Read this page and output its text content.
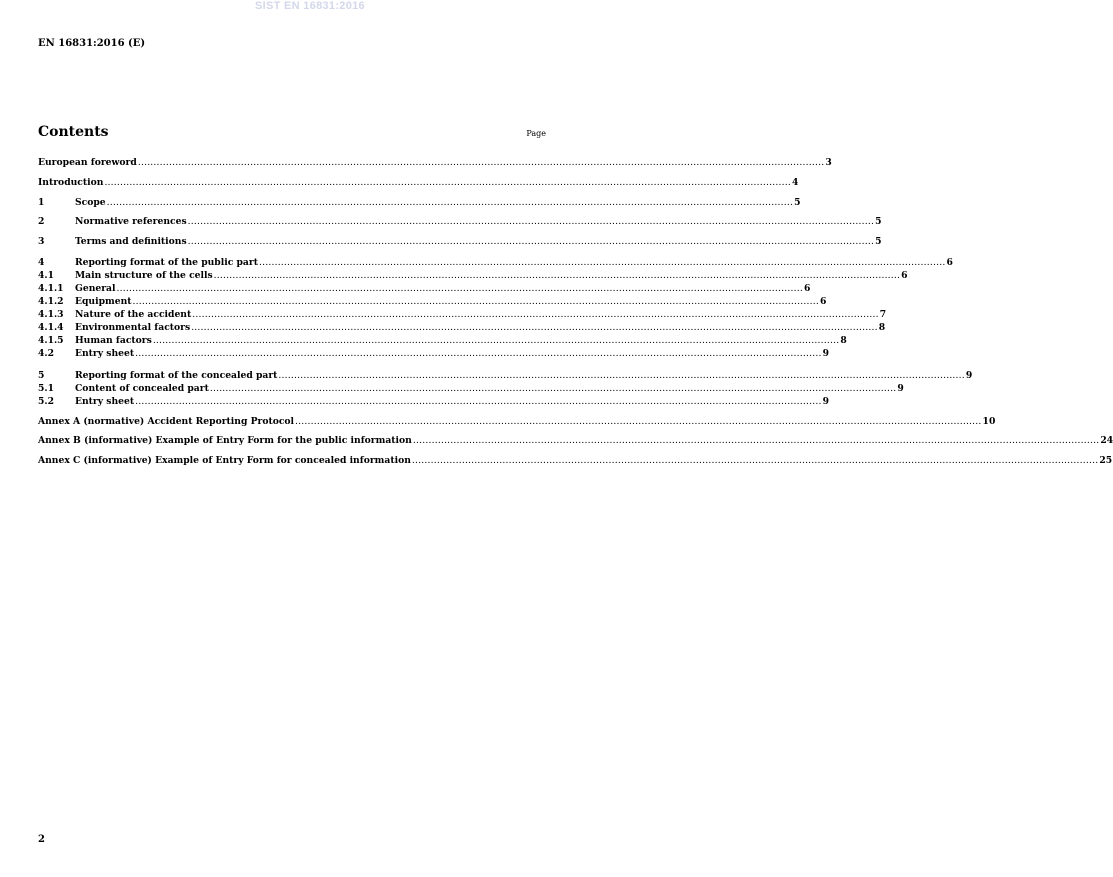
SIST EN 16831:2016
EN 16831:2016 (E)
Contents	Page
European foreword ............................................................................................................................................................................................................................ 3
Introduction ............................................................................................................................................................................................................................ 4
1	Scope ............................................................................................................................................................................................................................ 5
2	Normative references ............................................................................................................................................................................................................................ 5
3	Terms and definitions ............................................................................................................................................................................................................................ 5
4	Reporting format of the public part ............................................................................................................................................................................................................................ 6
4.1	Main structure of the cells ............................................................................................................................................................................................................................ 6
4.1.1	General ............................................................................................................................................................................................................................ 6
4.1.2	Equipment ............................................................................................................................................................................................................................ 6
4.1.3	Nature of the accident ............................................................................................................................................................................................................................ 7
4.1.4	Environmental factors ............................................................................................................................................................................................................................ 8
4.1.5	Human factors ............................................................................................................................................................................................................................ 8
4.2	Entry sheet ............................................................................................................................................................................................................................ 9
5	Reporting format of the concealed part ............................................................................................................................................................................................................................ 9
5.1	Content of concealed part ............................................................................................................................................................................................................................ 9
5.2	Entry sheet ............................................................................................................................................................................................................................ 9
Annex A (normative) Accident Reporting Protocol ............................................................................................................................................................................................................................ 10
Annex B (informative) Example of Entry Form for the public information ............................................................................................................................................................................................................................ 24
Annex C (informative) Example of Entry Form for concealed information ............................................................................................................................................................................................................................ 25
2
